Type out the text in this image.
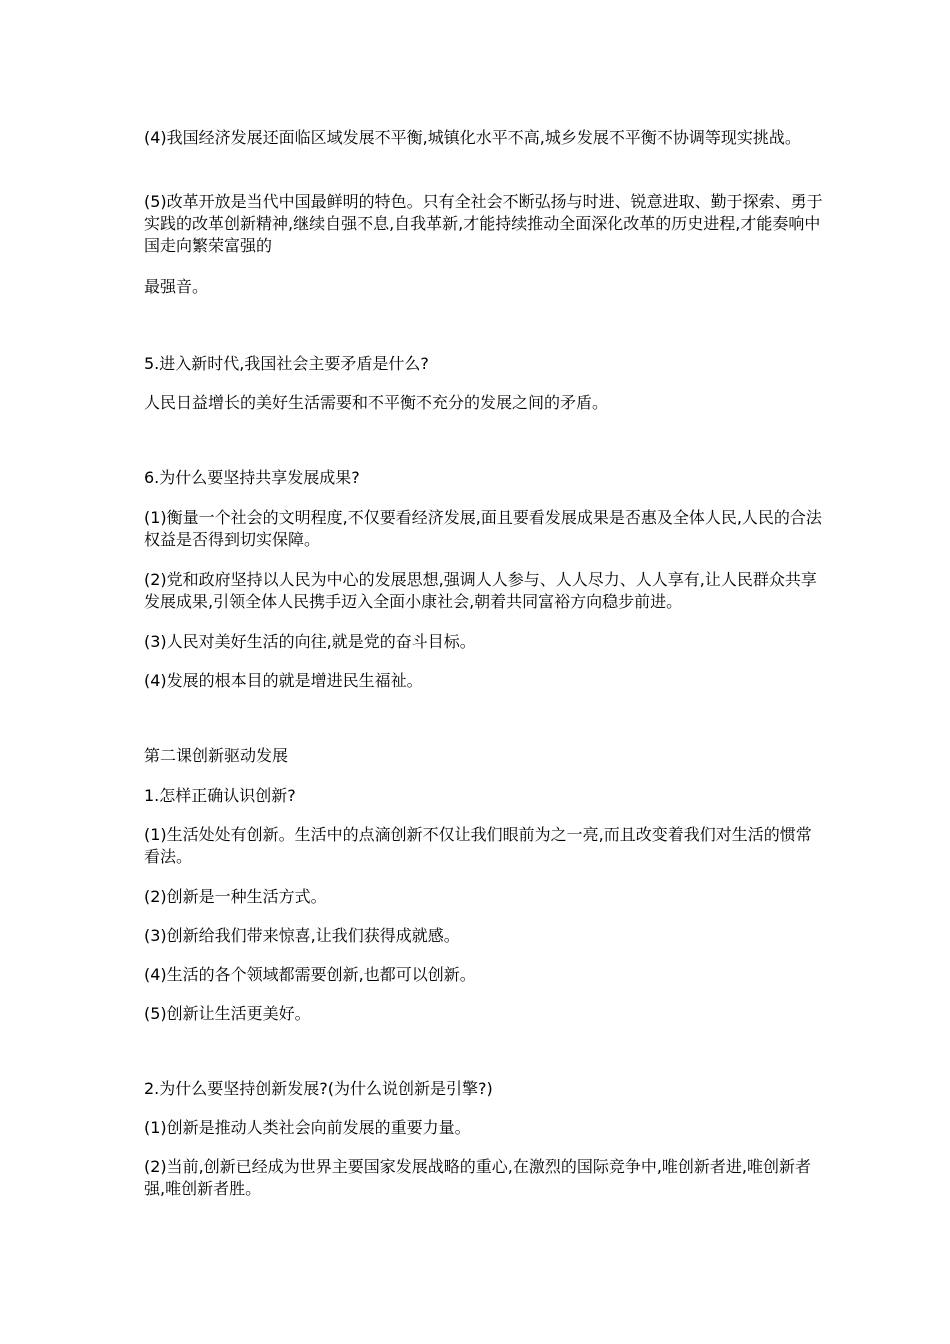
(4)我国经济发展还面临区域发展不平衡,城镇化水平不高,城乡发展不平衡不协调等现实挑战。

(5)改革开放是当代中国最鲜明的特色。只有全社会不断弘扬与时进、锐意进取、勤于探索、勇于实践的改革创新精神,继续自强不息,自我革新,才能持续推动全面深化改革的历史进程,才能奏响中国走向繁荣富强的

最强音。

5.进入新时代,我国社会主要矛盾是什么?

人民日益增长的美好生活需要和不平衡不充分的发展之间的矛盾。

6.为什么要坚持共享发展成果?

(1)衡量一个社会的文明程度,不仅要看经济发展,面且要看发展成果是否惠及全体人民,人民的合法权益是否得到切实保障。

(2)党和政府坚持以人民为中心的发展思想,强调人人参与、人人尽力、人人享有,让人民群众共享发展成果,引领全体人民携手迈入全面小康社会,朝着共同富裕方向稳步前进。

(3)人民对美好生活的向往,就是党的奋斗目标。

(4)发展的根本目的就是增进民生福祉。

第二课创新驱动发展

1.怎样正确认识创新?

(1)生活处处有创新。生活中的点滴创新不仅让我们眼前为之一亮,而且改变着我们对生活的惯常看法。

(2)创新是一种生活方式。

(3)创新给我们带来惊喜,让我们获得成就感。

(4)生活的各个领域都需要创新,也都可以创新。

(5)创新让生活更美好。

2.为什么要坚持创新发展?(为什么说创新是引擎?)

(1)创新是推动人类社会向前发展的重要力量。

(2)当前,创新已经成为世界主要国家发展战略的重心,在激烈的国际竞争中,唯创新者进,唯创新者强,唯创新者胜。
